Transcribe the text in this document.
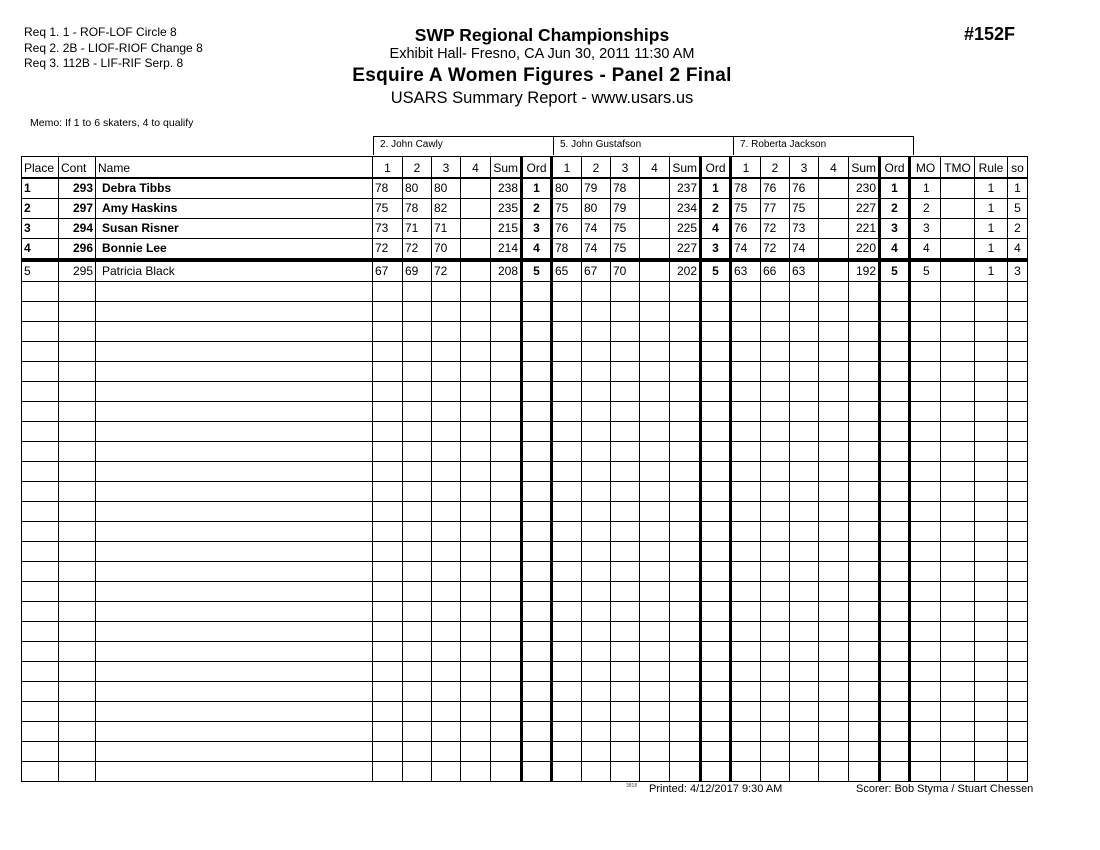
Req 1. 1 - ROF-LOF Circle 8
Req 2. 2B - LIOF-RIOF Change 8
Req 3. 112B - LIF-RIF Serp. 8
#152F
SWP Regional Championships
Exhibit Hall- Fresno, CA Jun 30, 2011 11:30 AM
Esquire A Women Figures - Panel 2 Final
USARS Summary Report - www.usars.us
Memo: If 1 to 6 skaters, 4 to qualify
2. John Cawly	5. John Gustafson	7. Roberta Jackson
Place	Cont	Name	1	2	3	4	Sum	Ord	1	2	3	4	Sum	Ord	1	2	3	4	Sum	Ord	MO	TMO	Rule	so
1	293	Debra Tibbs	78	80	80		238	1	80	79	78		237	1	78	76	76		230	1	1		1	1
2	297	Amy Haskins	75	78	82		235	2	75	80	79		234	2	75	77	75		227	2	2		1	5
3	294	Susan Risner	73	71	71		215	3	76	74	75		225	4	76	72	73		221	3	3		1	2
4	296	Bonnie Lee	72	72	70		214	4	78	74	75		227	3	74	72	74		220	4	4		1	4
5	295	Patricia Black	67	69	72		208	5	65	67	70		202	5	63	66	63		192	5	5		1	3

3818 Printed: 4/12/2017 9:30 AM	Scorer: Bob Styma / Stuart Chessen
